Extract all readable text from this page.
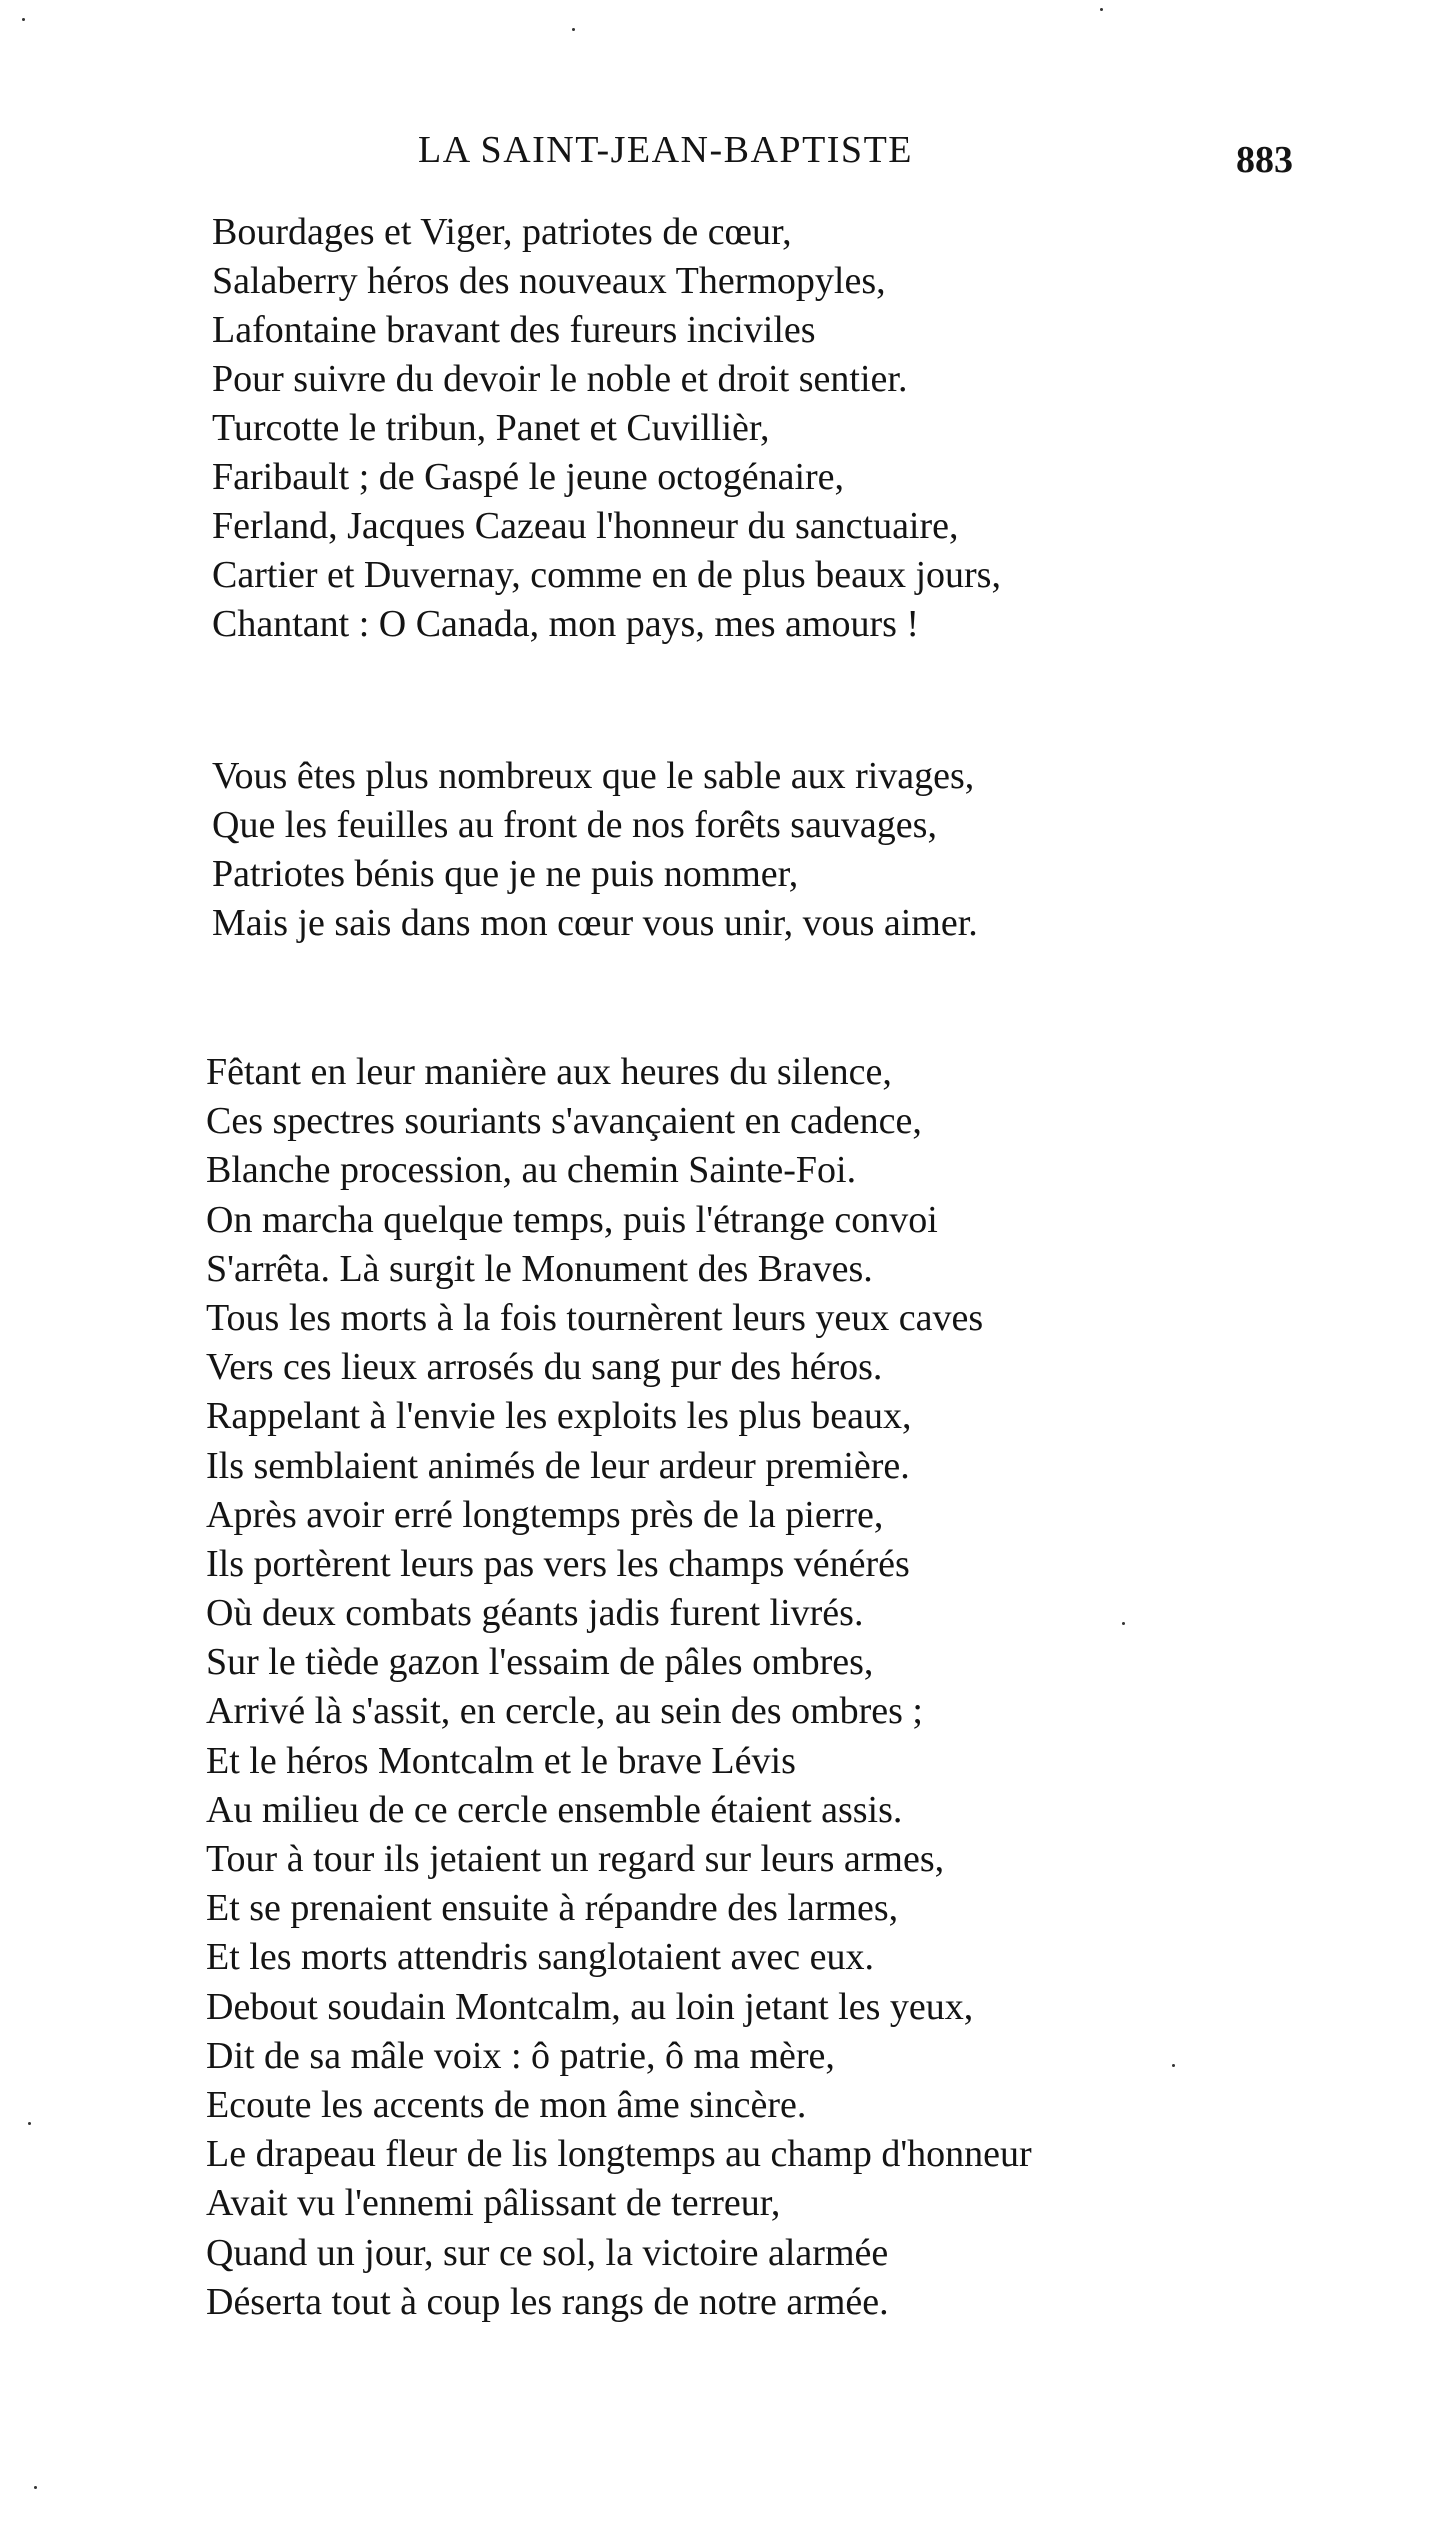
LA SAINT-JEAN-BAPTISTE	883
Bourdages et Viger, patriotes de cœur,
Salaberry héros des nouveaux Thermopyles,
Lafontaine bravant des fureurs inciviles
Pour suivre du devoir le noble et droit sentier.
Turcotte le tribun, Panet et Cuvillièr,
Faribault ; de Gaspé le jeune octogénaire,
Ferland, Jacques Cazeau l'honneur du sanctuaire,
Cartier et Duvernay, comme en de plus beaux jours,
Chantant : O Canada, mon pays, mes amours !
Vous êtes plus nombreux que le sable aux rivages,
Que les feuilles au front de nos forêts sauvages,
Patriotes bénis que je ne puis nommer,
Mais je sais dans mon cœur vous unir, vous aimer.
Fêtant en leur manière aux heures du silence,
Ces spectres souriants s'avançaient en cadence,
Blanche procession, au chemin Sainte-Foi.
On marcha quelque temps, puis l'étrange convoi
S'arrêta. Là surgit le Monument des Braves.
Tous les morts à la fois tournèrent leurs yeux caves
Vers ces lieux arrosés du sang pur des héros.
Rappelant à l'envie les exploits les plus beaux,
Ils semblaient animés de leur ardeur première.
Après avoir erré longtemps près de la pierre,
Ils portèrent leurs pas vers les champs vénérés
Où deux combats géants jadis furent livrés.
Sur le tiède gazon l'essaim de pâles ombres,
Arrivé là s'assit, en cercle, au sein des ombres ;
Et le héros Montcalm et le brave Lévis
Au milieu de ce cercle ensemble étaient assis.
Tour à tour ils jetaient un regard sur leurs armes,
Et se prenaient ensuite à répandre des larmes,
Et les morts attendris sanglotaient avec eux.
Debout soudain Montcalm, au loin jetant les yeux,
Dit de sa mâle voix : ô patrie, ô ma mère,
Ecoute les accents de mon âme sincère.
Le drapeau fleur de lis longtemps au champ d'honneur
Avait vu l'ennemi pâlissant de terreur,
Quand un jour, sur ce sol, la victoire alarmée
Déserta tout à coup les rangs de notre armée.
